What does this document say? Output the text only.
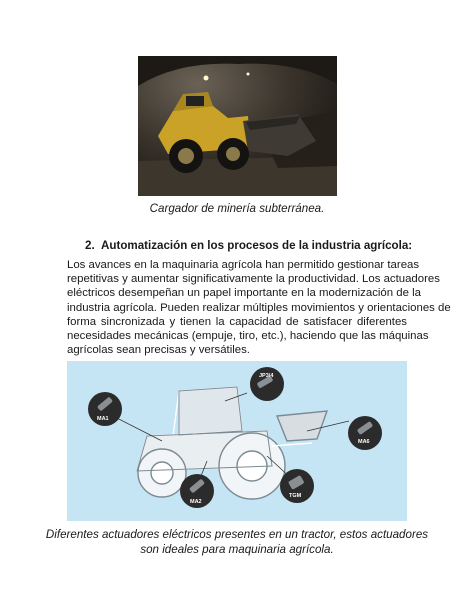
Cargador de minería subterránea.
2. Automatización en los procesos de la industria agrícola:
Los avances en la maquinaria agrícola han permitido gestionar tareas
repetitivas y aumentar significativamente la productividad. Los actuadores
eléctricos desempeñan un papel importante en la modernización de la
industria agrícola. Pueden realizar múltiples movimientos y orientaciones de
forma sincronizada y tienen la capacidad de satisfacer diferentes
necesidades mecánicas (empuje, tiro, etc.), haciendo que las máquinas
agrícolas sean precisas y versátiles.
JP3/4
MA1
MA6
MA2
TGM
Diferentes actuadores eléctricos presentes en un tractor, estos actuadores
son ideales para maquinaria agrícola.
